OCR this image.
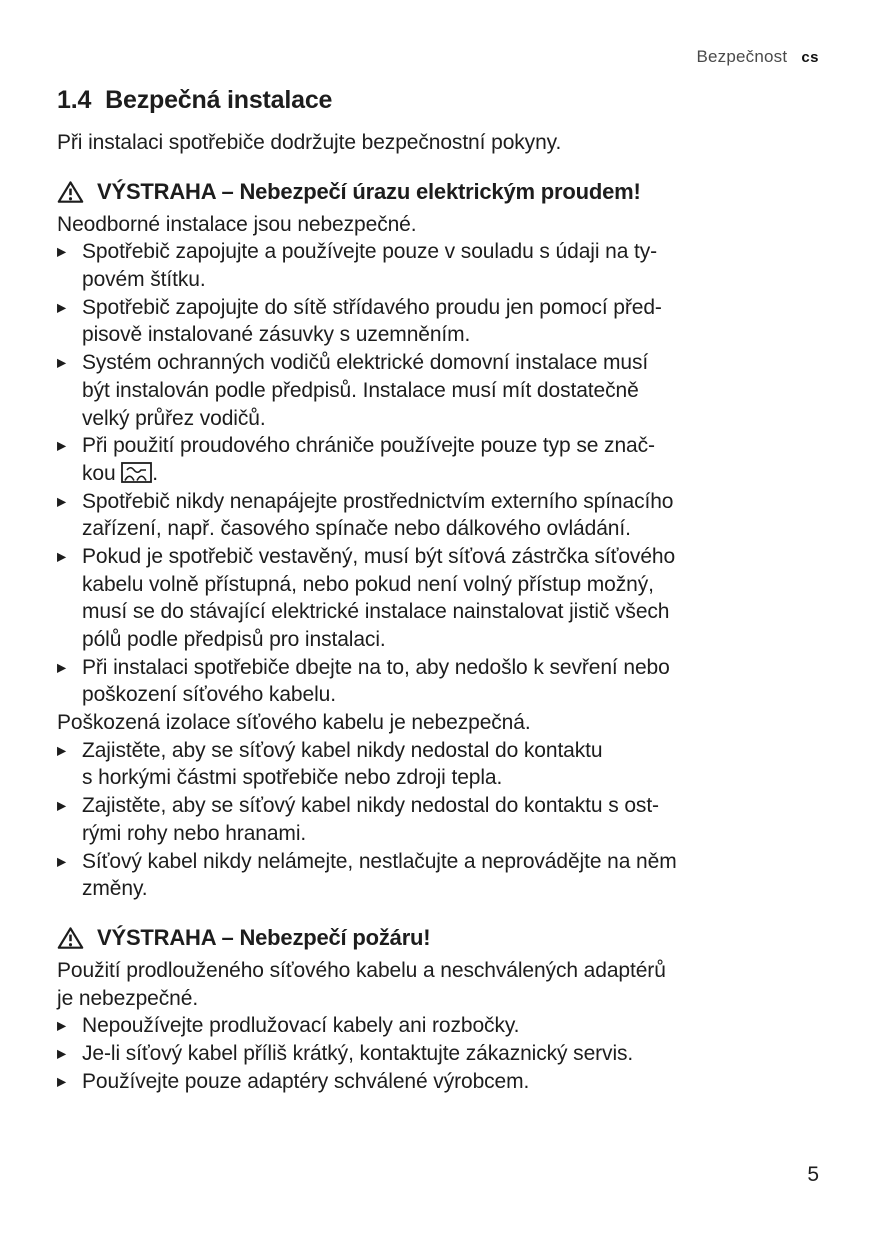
Bezpečnost cs
1.4 Bezpečná instalace
Při instalaci spotřebiče dodržujte bezpečnostní pokyny.
VÝSTRAHA – Nebezpečí úrazu elektrickým proudem!
Neodborné instalace jsou nebezpečné.
▶ Spotřebič zapojujte a používejte pouze v souladu s údaji na ty-
povém štítku.
▶ Spotřebič zapojujte do sítě střídavého proudu jen pomocí před-
pisově instalované zásuvky s uzemněním.
▶ Systém ochranných vodičů elektrické domovní instalace musí
být instalován podle předpisů. Instalace musí mít dostatečně
velký průřez vodičů.
▶ Při použití proudového chrániče používejte pouze typ se znač-
kou .
▶ Spotřebič nikdy nenapájejte prostřednictvím externího spínacího
zařízení, např. časového spínače nebo dálkového ovládání.
▶ Pokud je spotřebič vestavěný, musí být síťová zástrčka síťového
kabelu volně přístupná, nebo pokud není volný přístup možný,
musí se do stávající elektrické instalace nainstalovat jistič všech
pólů podle předpisů pro instalaci.
▶ Při instalaci spotřebiče dbejte na to, aby nedošlo k sevření nebo
poškození síťového kabelu.
Poškozená izolace síťového kabelu je nebezpečná.
▶ Zajistěte, aby se síťový kabel nikdy nedostal do kontaktu
s horkými částmi spotřebiče nebo zdroji tepla.
▶ Zajistěte, aby se síťový kabel nikdy nedostal do kontaktu s ost-
rými rohy nebo hranami.
▶ Síťový kabel nikdy nelámejte, nestlačujte a neprovádějte na něm
změny.
VÝSTRAHA – Nebezpečí požáru!
Použití prodlouženého síťového kabelu a neschválených adaptérů
je nebezpečné.
▶ Nepoužívejte prodlužovací kabely ani rozbočky.
▶ Je-li síťový kabel příliš krátký, kontaktujte zákaznický servis.
▶ Používejte pouze adaptéry schválené výrobcem.
5
